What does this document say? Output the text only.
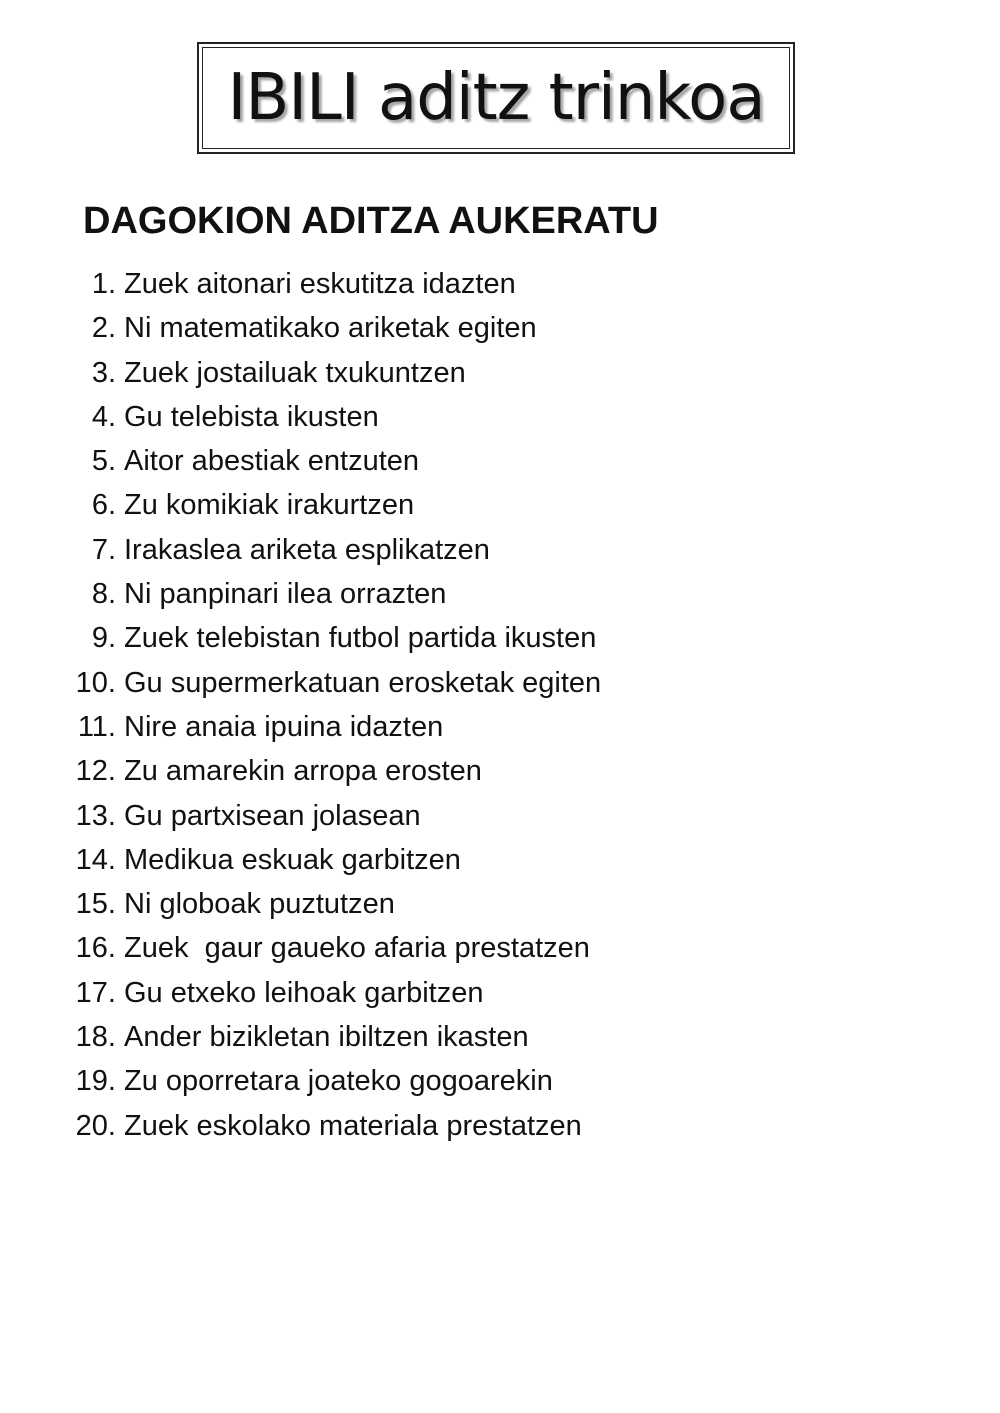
IBILI aditz trinkoa
DAGOKION ADITZA AUKERATU
1. Zuek aitonari eskutitza idazten
2. Ni matematikako ariketak egiten
3. Zuek jostailuak txukuntzen
4. Gu telebista ikusten
5. Aitor abestiak entzuten
6. Zu komikiak irakurtzen
7. Irakaslea ariketa esplikatzen
8. Ni panpinari ilea orrazten
9. Zuek telebistan futbol partida ikusten
10. Gu supermerkatuan erosketak egiten
11. Nire anaia ipuina idazten
12. Zu amarekin arropa erosten
13. Gu partxisean jolasean
14. Medikua eskuak garbitzen
15. Ni globoak puztutzen
16. Zuek  gaur gaueko afaria prestatzen
17. Gu etxeko leihoak garbitzen
18. Ander bizikletan ibiltzen ikasten
19. Zu oporretara joateko gogoarekin
20. Zuek eskolako materiala prestatzen
